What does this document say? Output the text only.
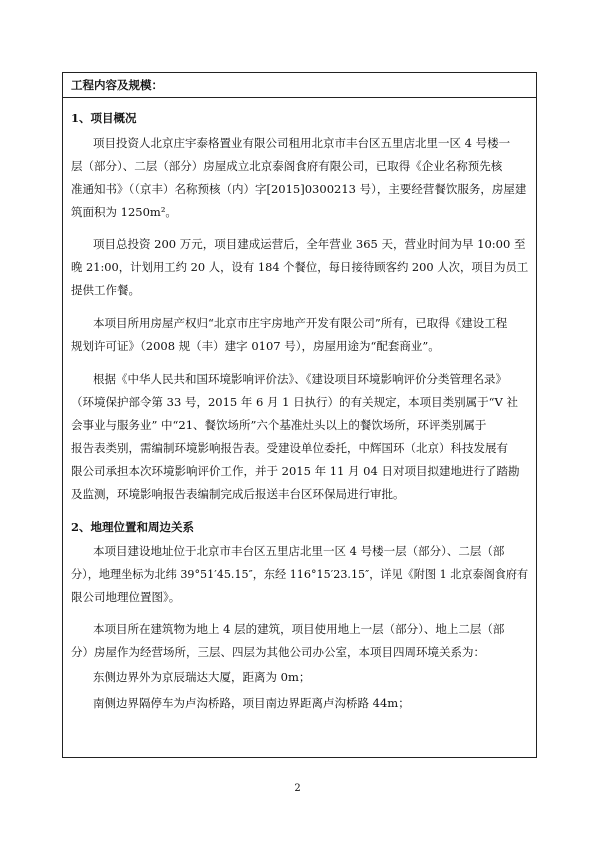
工程内容及规模：
1、项目概况
项目投资人北京庄宇泰格置业有限公司租用北京市丰台区五里店北里一区 4 号楼一
层（部分）、二层（部分）房屋成立北京泰阁食府有限公司，已取得《企业名称预先核
准通知书》（（京丰）名称预核（内）字[2015]0300213 号），主要经营餐饮服务，房屋建
筑面积为 1250m²。
项目总投资 200 万元，项目建成运营后，全年营业 365 天，营业时间为早 10:00 至
晚 21:00，计划用工约 20 人，设有 184 个餐位，每日接待顾客约 200 人次，项目为员工
提供工作餐。
本项目所用房屋产权归“北京市庄宇房地产开发有限公司”所有，已取得《建设工程
规划许可证》（2008 规（丰）建字 0107 号），房屋用途为“配套商业”。
根据《中华人民共和国环境影响评价法》、《建设项目环境影响评价分类管理名录》
（环境保护部令第 33 号，2015 年 6 月 1 日执行）的有关规定，本项目类别属于“V 社
会事业与服务业” 中“21、餐饮场所”六个基准灶头以上的餐饮场所，环评类别属于
报告表类别，需编制环境影响报告表。受建设单位委托，中辉国环（北京）科技发展有
限公司承担本次环境影响评价工作，并于 2015 年 11 月 04 日对项目拟建地进行了踏勘
及监测，环境影响报告表编制完成后报送丰台区环保局进行审批。
2、地理位置和周边关系
本项目建设地址位于北京市丰台区五里店北里一区 4 号楼一层（部分）、二层（部
分），地理坐标为北纬 39°51′45.15″，东经 116°15′23.15″，详见《附图 1 北京泰阁食府有
限公司地理位置图》。
本项目所在建筑物为地上 4 层的建筑，项目使用地上一层（部分）、地上二层（部
分）房屋作为经营场所，三层、四层为其他公司办公室，本项目四周环境关系为：
东侧边界外为京辰瑞达大厦，距离为 0m；
南侧边界隔停车为卢沟桥路，项目南边界距离卢沟桥路 44m；
2
